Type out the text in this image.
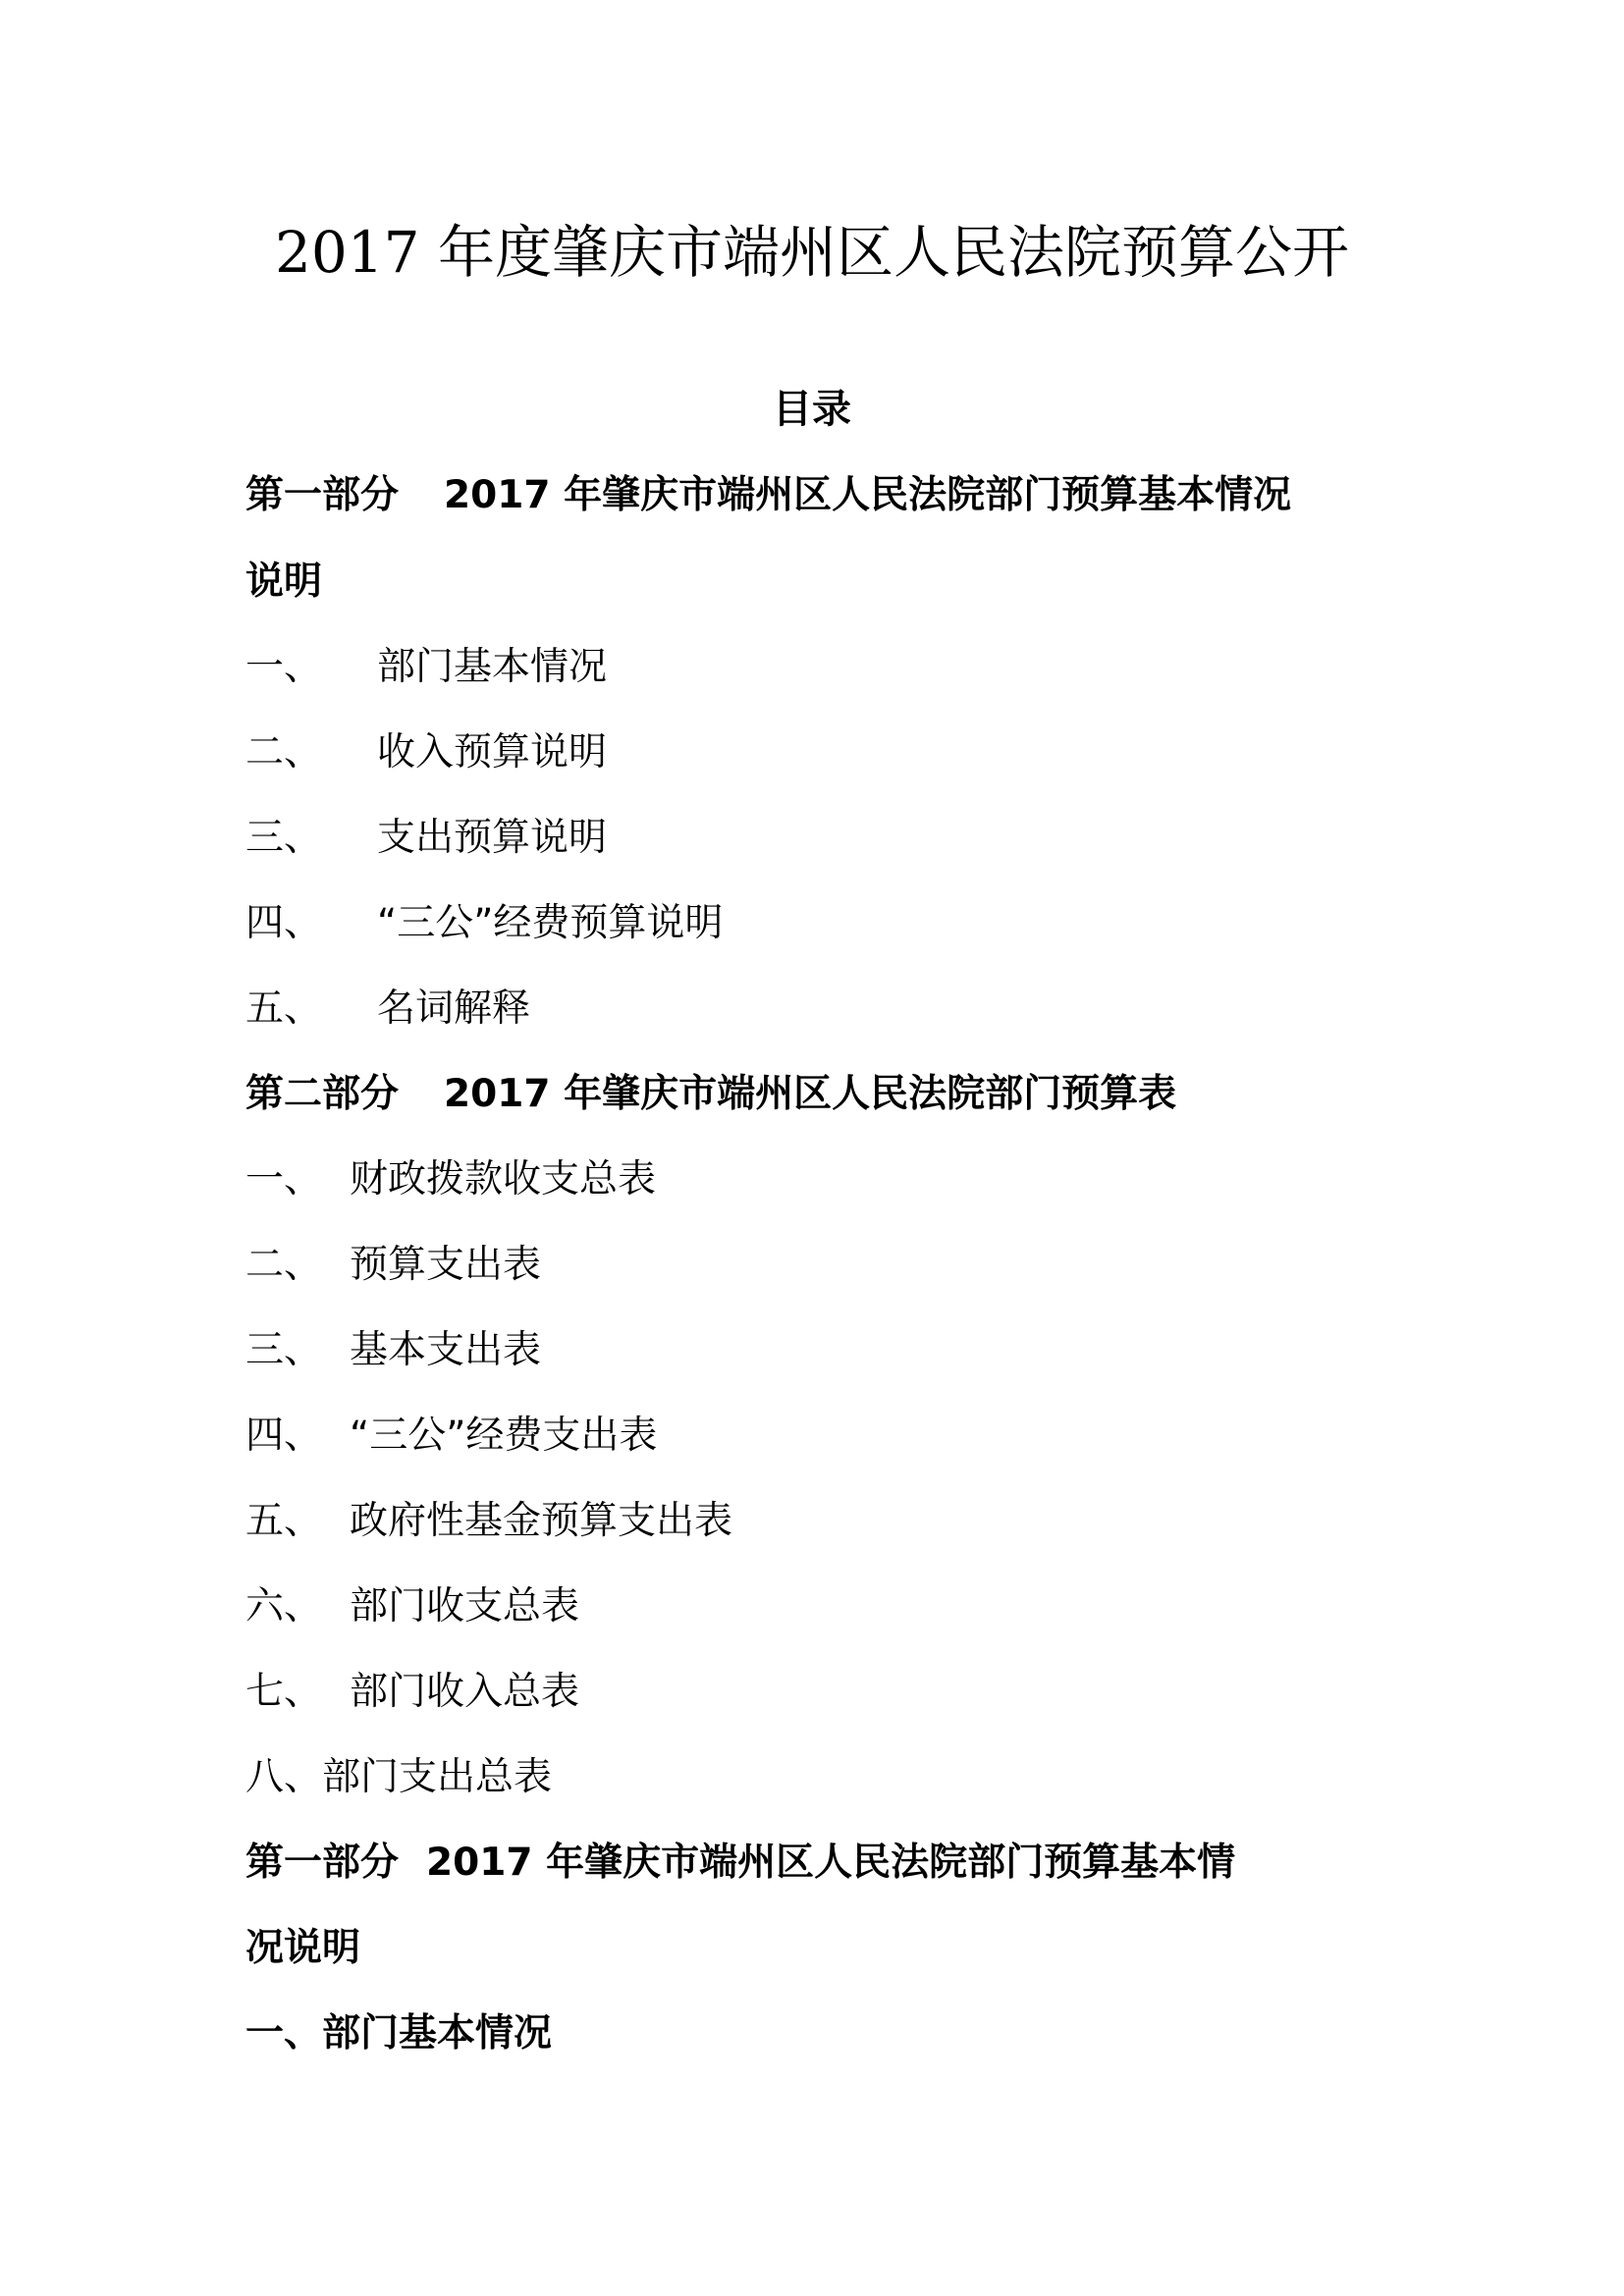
2017 年度肇庆市端州区人民法院预算公开
目录
第一部分 2017 年肇庆市端州区人民法院部门预算基本情况
说明
一、 部门基本情况
二、 收入预算说明
三、 支出预算说明
四、 “三公”经费预算说明
五、 名词解释
第二部分 2017 年肇庆市端州区人民法院部门预算表
一、 财政拨款收支总表
二、 预算支出表
三、 基本支出表
四、 “三公”经费支出表
五、 政府性基金预算支出表
六、 部门收支总表
七、 部门收入总表
八、部门支出总表
第一部分 2017 年肇庆市端州区人民法院部门预算基本情
况说明
一、部门基本情况
